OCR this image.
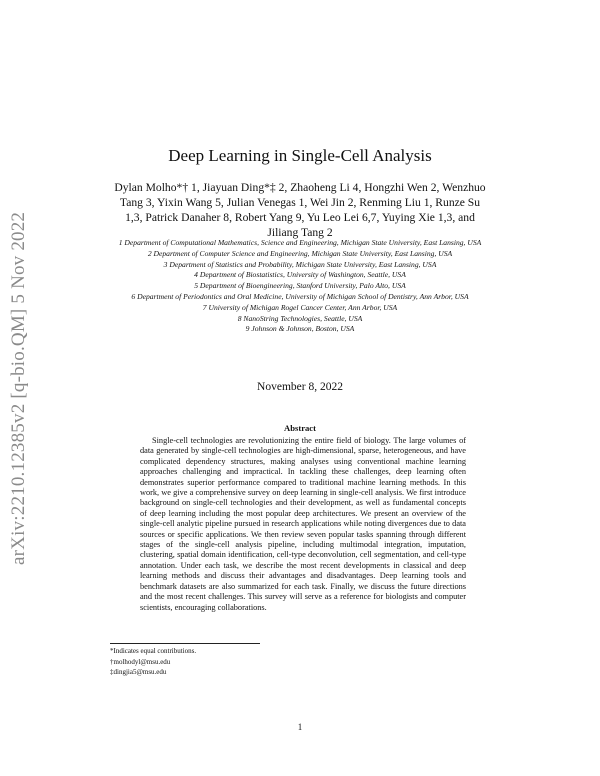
arXiv:2210.12385v2 [q-bio.QM] 5 Nov 2022
Deep Learning in Single-Cell Analysis
Dylan Molho*† 1, Jiayuan Ding*‡ 2, Zhaoheng Li 4, Hongzhi Wen 2, Wenzhuo Tang 3, Yixin Wang 5, Julian Venegas 1, Wei Jin 2, Renming Liu 1, Runze Su 1,3, Patrick Danaher 8, Robert Yang 9, Yu Leo Lei 6,7, Yuying Xie 1,3, and Jiliang Tang 2
1 Department of Computational Mathematics, Science and Engineering, Michigan State University, East Lansing, USA
2 Department of Computer Science and Engineering, Michigan State University, East Lansing, USA
3 Department of Statistics and Probability, Michigan State University, East Lansing, USA
4 Department of Biostatistics, University of Washington, Seattle, USA
5 Department of Bioengineering, Stanford University, Palo Alto, USA
6 Department of Periodontics and Oral Medicine, University of Michigan School of Dentistry, Ann Arbor, USA
7 University of Michigan Rogel Cancer Center, Ann Arbor, USA
8 NanoString Technologies, Seattle, USA
9 Johnson & Johnson, Boston, USA
November 8, 2022
Abstract
Single-cell technologies are revolutionizing the entire field of biology. The large volumes of data generated by single-cell technologies are high-dimensional, sparse, heterogeneous, and have complicated dependency structures, making analyses using conventional machine learning approaches challenging and impractical. In tackling these challenges, deep learning often demonstrates superior performance compared to traditional machine learning methods. In this work, we give a comprehensive survey on deep learning in single-cell analysis. We first introduce background on single-cell technologies and their development, as well as fundamental concepts of deep learning including the most popular deep architectures. We present an overview of the single-cell analytic pipeline pursued in research applications while noting divergences due to data sources or specific applications. We then review seven popular tasks spanning through different stages of the single-cell analysis pipeline, including multimodal integration, imputation, clustering, spatial domain identification, cell-type deconvolution, cell segmentation, and cell-type annotation. Under each task, we describe the most recent developments in classical and deep learning methods and discuss their advantages and disadvantages. Deep learning tools and benchmark datasets are also summarized for each task. Finally, we discuss the future directions and the most recent challenges. This survey will serve as a reference for biologists and computer scientists, encouraging collaborations.
*Indicates equal contributions.
†molhodyl@msu.edu
‡dingjia5@msu.edu
1
